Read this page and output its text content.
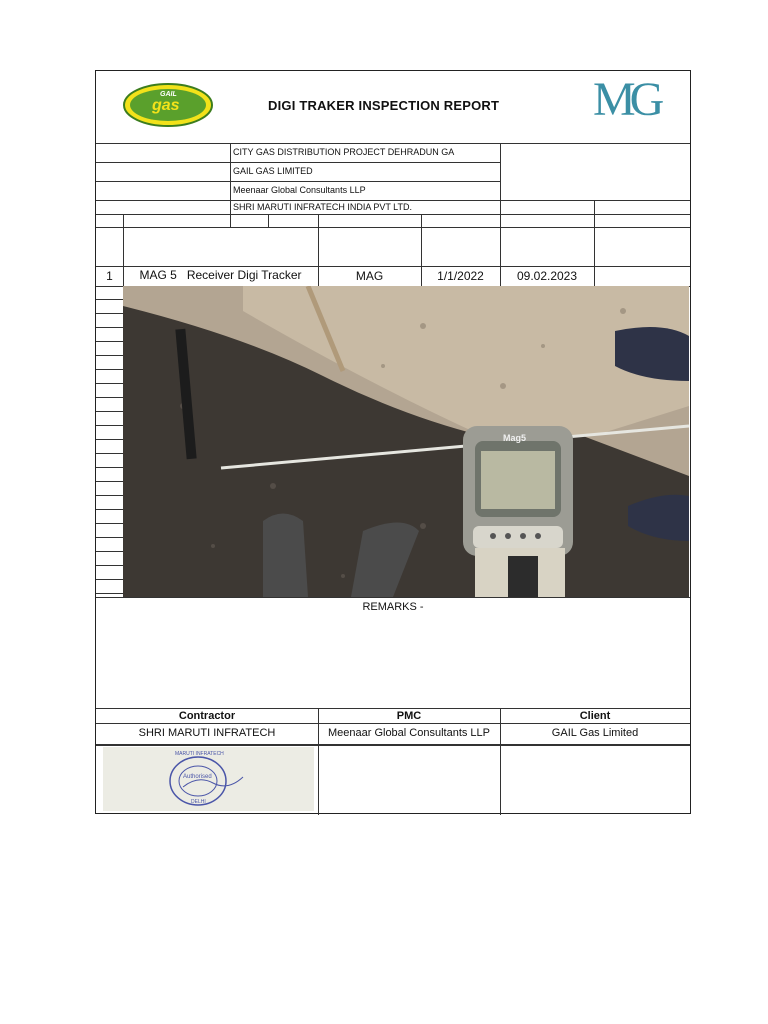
GAIL
gas	DIGI TRAKER INSPECTION REPORT MG
CITY GAS DISTRIBUTION PROJECT DEHRADUN GA
GAIL GAS LIMITED
Meenaar Global Consultants LLP
SHRI MARUTI INFRATECH INDIA PVT LTD.
1	MAG 5   Receiver Digi Tracker	MAG	1/1/2022	09.02.2023
Mag5
REMARKS -
Contractor	PMC	Client
SHRI MARUTI INFRATECH	Meenaar Global Consultants LLP	GAIL Gas Limited
MARUTI INFRATECH
Authorised
DELHI
